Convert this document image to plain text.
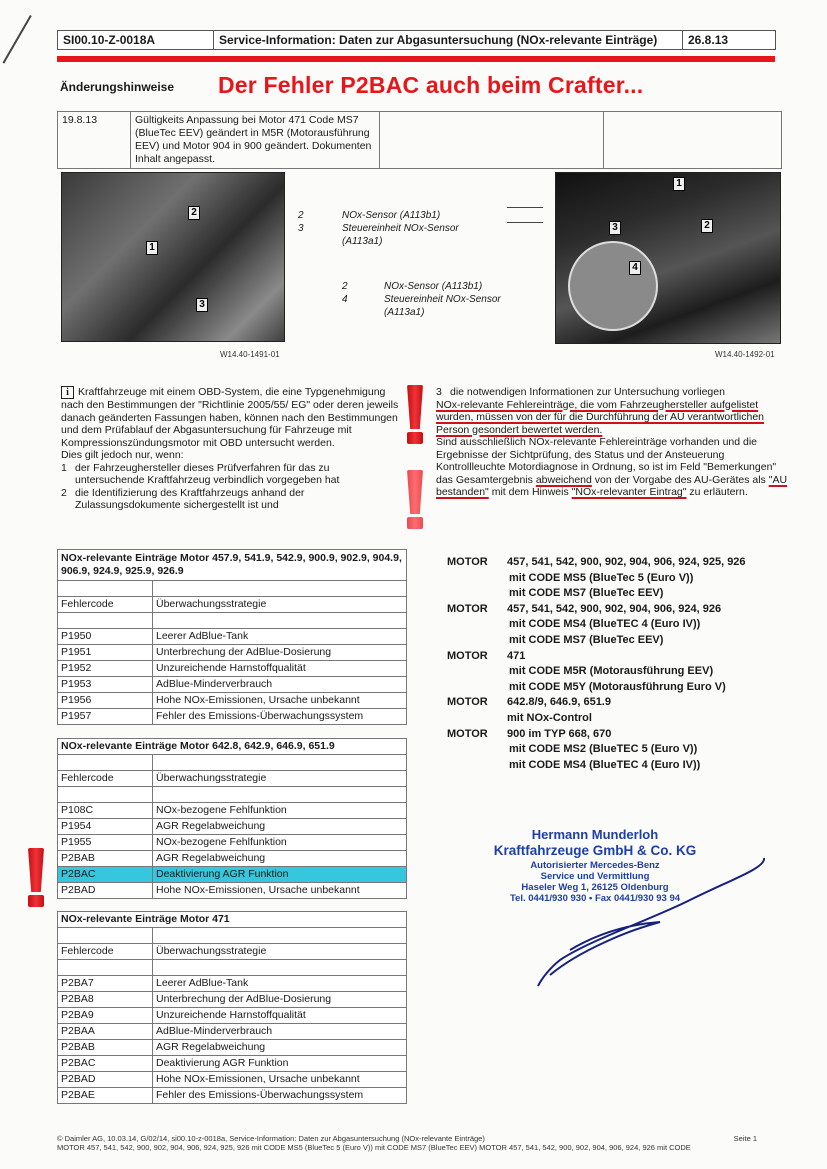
SI00.10-Z-0018A	Service-Information: Daten zur Abgasuntersuchung (NOx-relevante Einträge)	26.8.13
Änderungshinweise Der Fehler P2BAC auch beim Crafter...
19.8.13	Gültigkeits Anpassung bei Motor 471 Code MS7 (BlueTec EEV) geändert in M5R (Motorausführung EEV) und Motor 904 in 900 geändert. Dokumenten Inhalt angepasst.		
2
1
3
W14.40-1491-01
2	NOx-Sensor (A113b1)
3	Steuereinheit NOx-Sensor (A113a1)
2	NOx-Sensor (A113b1)
4	Steuereinheit NOx-Sensor (A113a1)
1
2
3
4
W14.40-1492-01
i Kraftfahrzeuge mit einem OBD-System, die eine Typgenehmigung nach den Bestimmungen der "Richtlinie 2005/55/ EG" oder deren jeweils danach geänderten Fassungen haben, können nach den Bestimmungen und dem Prüfablauf der Abgasuntersuchung für Fahrzeuge mit Kompressionszündungsmotor mit OBD untersucht werden.
Dies gilt jedoch nur, wenn:
1 der Fahrzeughersteller dieses Prüfverfahren für das zu untersuchende Kraftfahrzeug verbindlich vorgegeben hat
2 die Identifizierung des Kraftfahrzeugs anhand der Zulassungsdokumente sichergestellt ist und
3 die notwendigen Informationen zur Untersuchung vorliegen
NOx-relevante Fehlereinträge, die vom Fahrzeughersteller aufgelistet wurden, müssen von der für die Durchführung der AU verantwortlichen Person gesondert bewertet werden.
Sind ausschließlich NOx-relevante Fehlereinträge vorhanden und die Ergebnisse der Sichtprüfung, des Status und der Ansteuerung Kontrollleuchte Motordiagnose in Ordnung, so ist im Feld "Bemerkungen" das Gesamtergebnis abweichend von der Vorgabe des AU-Gerätes als "AU bestanden" mit dem Hinweis "NOx-relevanter Eintrag" zu erläutern.
NOx-relevante Einträge Motor 457.9, 541.9, 542.9, 900.9, 902.9, 904.9, 906.9, 924.9, 925.9, 926.9	

Fehlercode	Überwachungsstrategie

P1950	Leerer AdBlue-Tank
P1951	Unterbrechung der AdBlue-Dosierung
P1952	Unzureichende Harnstoffqualität
P1953	AdBlue-Minderverbrauch
P1956	Hohe NOx-Emissionen, Ursache unbekannt
P1957	Fehler des Emissions-Überwachungssystem
NOx-relevante Einträge Motor 642.8, 642.9, 646.9, 651.9	

Fehlercode	Überwachungsstrategie

P108C	NOx-bezogene Fehlfunktion
P1954	AGR Regelabweichung
P1955	NOx-bezogene Fehlfunktion
P2BAB	AGR Regelabweichung
P2BAC	Deaktivierung AGR Funktion
P2BAD	Hohe NOx-Emissionen, Ursache unbekannt
NOx-relevante Einträge Motor 471	

Fehlercode	Überwachungsstrategie

P2BA7	Leerer AdBlue-Tank
P2BA8	Unterbrechung der AdBlue-Dosierung
P2BA9	Unzureichende Harnstoffqualität
P2BAA	AdBlue-Minderverbrauch
P2BAB	AGR Regelabweichung
P2BAC	Deaktivierung AGR Funktion
P2BAD	Hohe NOx-Emissionen, Ursache unbekannt
P2BAE	Fehler des Emissions-Überwachungssystem
MOTOR 457, 541, 542, 900, 902, 904, 906, 924, 925, 926
mit CODE MS5 (BlueTec 5 (Euro V))
mit CODE MS7 (BlueTec EEV)
MOTOR 457, 541, 542, 900, 902, 904, 906, 924, 926
mit CODE MS4 (BlueTEC 4 (Euro IV))
mit CODE MS7 (BlueTec EEV)
MOTOR 471
mit CODE M5R (Motorausführung EEV)
mit CODE M5Y (Motorausführung Euro V)
MOTOR 642.8/9, 646.9, 651.9
mit NOx-Control
MOTOR 900 im TYP 668, 670
mit CODE MS2 (BlueTEC 5 (Euro V))
mit CODE MS4 (BlueTEC 4 (Euro IV))
Hermann Munderloh
Kraftfahrzeuge GmbH & Co. KG
Autorisierter Mercedes-Benz
Service und Vermittlung
Haseler Weg 1, 26125 Oldenburg
Tel. 0441/930 930 • Fax 0441/930 93 94
© Daimler AG, 10.03.14, G/02/14, si00.10-z-0018a, Service-Information: Daten zur Abgasuntersuchung (NOx-relevante Einträge)	Seite 1
MOTOR 457, 541, 542, 900, 902, 904, 906, 924, 925, 926 mit CODE MS5 (BlueTec 5 (Euro V)) mit CODE MS7 (BlueTec EEV) MOTOR 457, 541, 542, 900, 902, 904, 906, 924, 926 mit CODE
